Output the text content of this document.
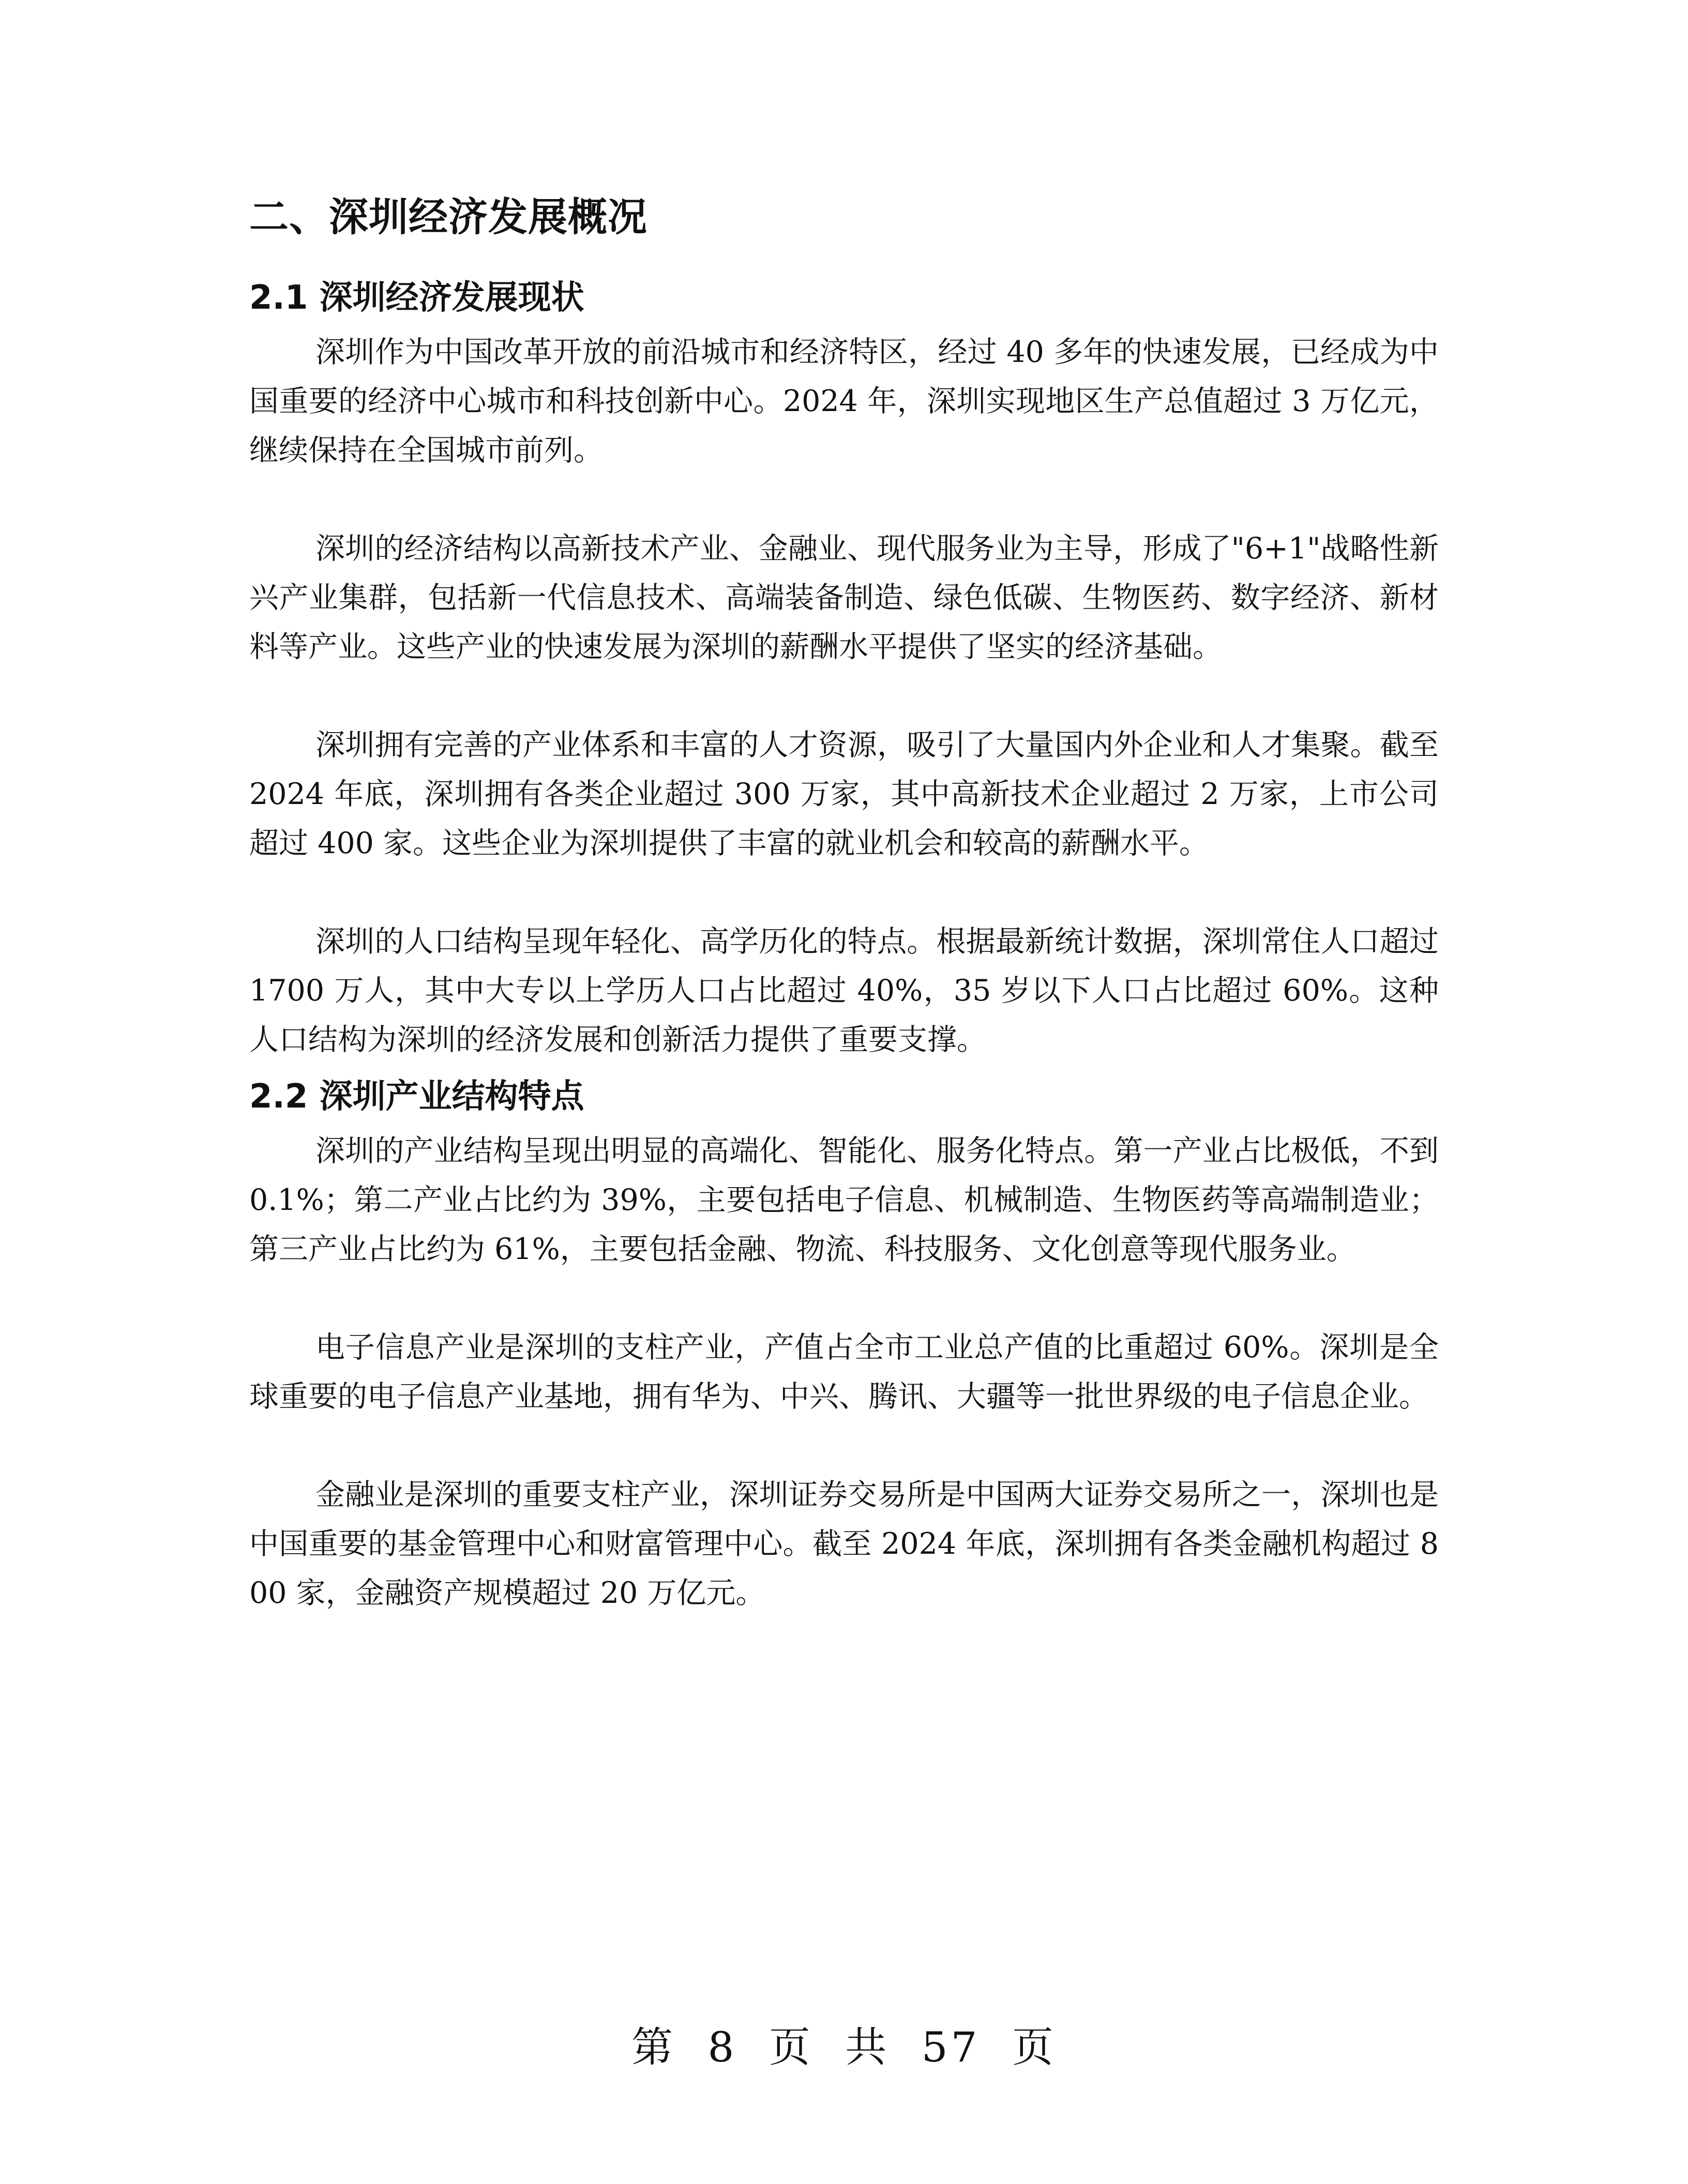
二、深圳经济发展概况
2.1 深圳经济发展现状

深圳作为中国改革开放的前沿城市和经济特区，经过 40 多年的快速发展，已经成为中国重要的经济中心城市和科技创新中心。2024 年，深圳实现地区生产总值超过 3 万亿元，继续保持在全国城市前列。

深圳的经济结构以高新技术产业、金融业、现代服务业为主导，形成了"6+1"战略性新兴产业集群，包括新一代信息技术、高端装备制造、绿色低碳、生物医药、数字经济、新材料等产业。这些产业的快速发展为深圳的薪酬水平提供了坚实的经济基础。

深圳拥有完善的产业体系和丰富的人才资源，吸引了大量国内外企业和人才集聚。截至 2024 年底，深圳拥有各类企业超过 300 万家，其中高新技术企业超过 2 万家，上市公司超过 400 家。这些企业为深圳提供了丰富的就业机会和较高的薪酬水平。

深圳的人口结构呈现年轻化、高学历化的特点。根据最新统计数据，深圳常住人口超过 1700 万人，其中大专以上学历人口占比超过 40%，35 岁以下人口占比超过 60%。这种人口结构为深圳的经济发展和创新活力提供了重要支撑。

2.2 深圳产业结构特点

深圳的产业结构呈现出明显的高端化、智能化、服务化特点。第一产业占比极低，不到 0.1%；第二产业占比约为 39%，主要包括电子信息、机械制造、生物医药等高端制造业；第三产业占比约为 61%，主要包括金融、物流、科技服务、文化创意等现代服务业。

电子信息产业是深圳的支柱产业，产值占全市工业总产值的比重超过 60%。深圳是全球重要的电子信息产业基地，拥有华为、中兴、腾讯、大疆等一批世界级的电子信息企业。

金融业是深圳的重要支柱产业，深圳证券交易所是中国两大证券交易所之一，深圳也是中国重要的基金管理中心和财富管理中心。截至 2024 年底，深圳拥有各类金融机构超过 800 家，金融资产规模超过 20 万亿元。

第 8 页 共 57 页
